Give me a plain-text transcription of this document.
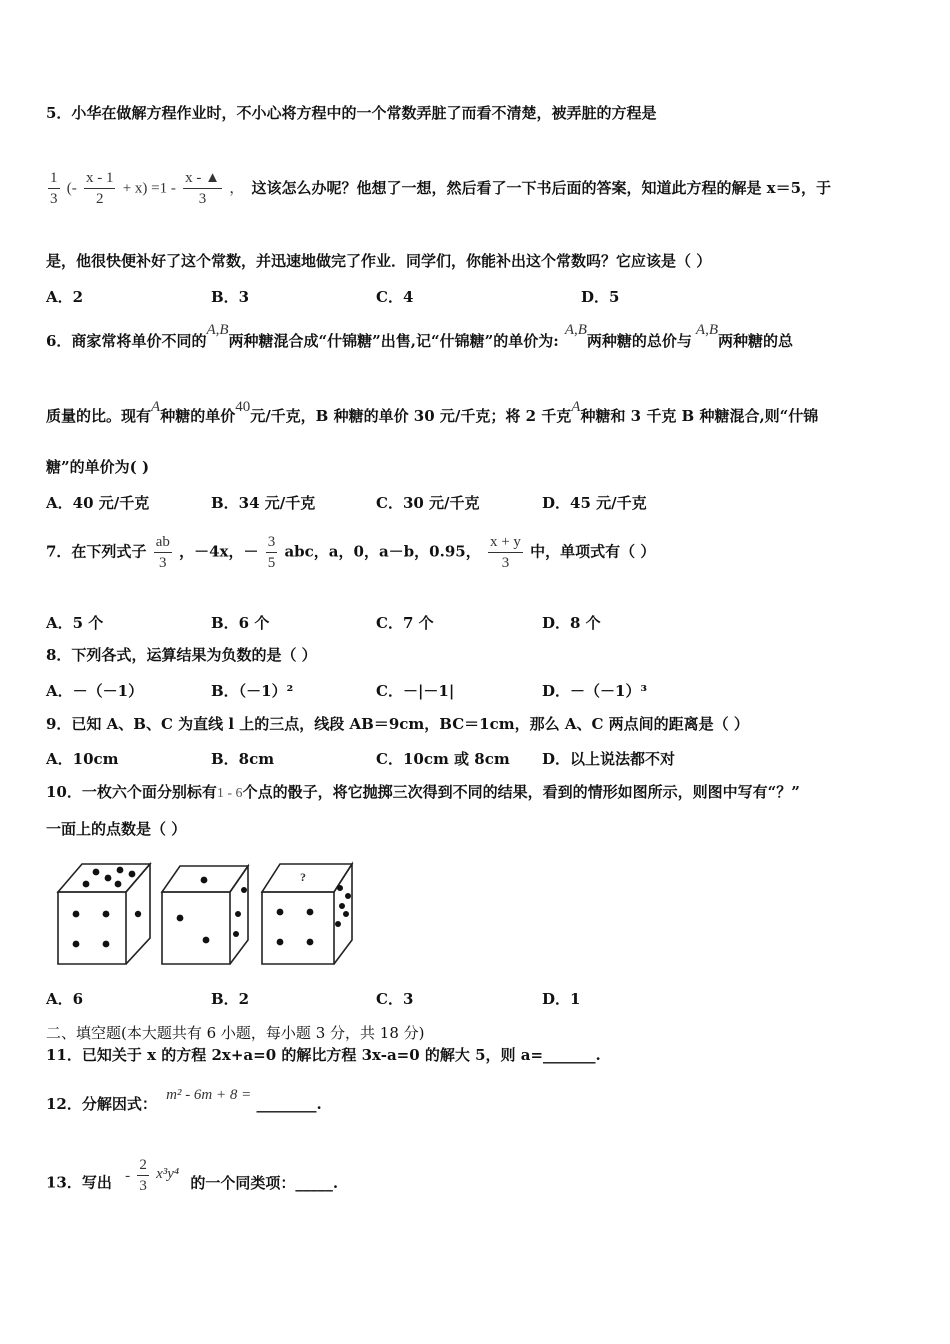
5．小华在做解方程作业时，不小心将方程中的一个常数弄脏了而看不清楚，被弄脏的方程是
$\frac{1}{3}$ (- $\frac{x - 1}{2} + x) =1 - \frac{x - ▲}{3}$ ， 这该怎么办呢？他想了一想，然后看了一下书后面的答案，知道此方程的解是 x＝5，于
是，他很快便补好了这个常数，并迅速地做完了作业．同学们，你能补出这个常数吗？它应该是（ ）
A．2	B．3	C．4	D．5
6．商家常将单价不同的A,B两种糖混合成“什锦糖”出售,记“什锦糖”的单价为:A,B两种糖的总价与A,B两种糖的总
质量的比。现有A种糖的单价40元/千克，B 种糖的单价 30 元/千克；将 2 千克A种糖和 3 千克 B 种糖混合,则“什锦
糖”的单价为( )
A．40 元/千克	B．34 元/千克	C．30 元/千克	D．45 元/千克
7．在下列式子 $\frac{ab}{3}$ ，－4x，－ $\frac{3}{5}$ abc，a，0，a－b，0.95， $\frac{x + y}{3}$ 中，单项式有（ ）
A．5 个	B．6 个	C．7 个	D．8 个
8．下列各式，运算结果为负数的是（ ）
A．－（－1）	B．（－1）²	C．－|－1|	D．－（－1）³
9．已知 A、B、C 为直线 l 上的三点，线段 AB＝9cm，BC＝1cm，那么 A、C 两点间的距离是（ ）
A．10cm	B．8cm	C．10cm 或 8cm D．以上说法都不对
10．一枚六个面分别标有1 - 6个点的骰子，将它抛掷三次得到不同的结果，看到的情形如图所示，则图中写有“？”
一面上的点数是（ ）
?
A．6	B．2	C．3	D．1
二、填空题(本大题共有 6 小题，每小题 3 分，共 18 分)
11．已知关于 x 的方程 2x+a=0 的解比方程 3x-a=0 的解大 5，则 a=_______.
12．分解因式： m² - 6m + 8 = ________.
13．写出 - $\frac{2}{3} x^3y^4$ 的一个同类项：_____.
